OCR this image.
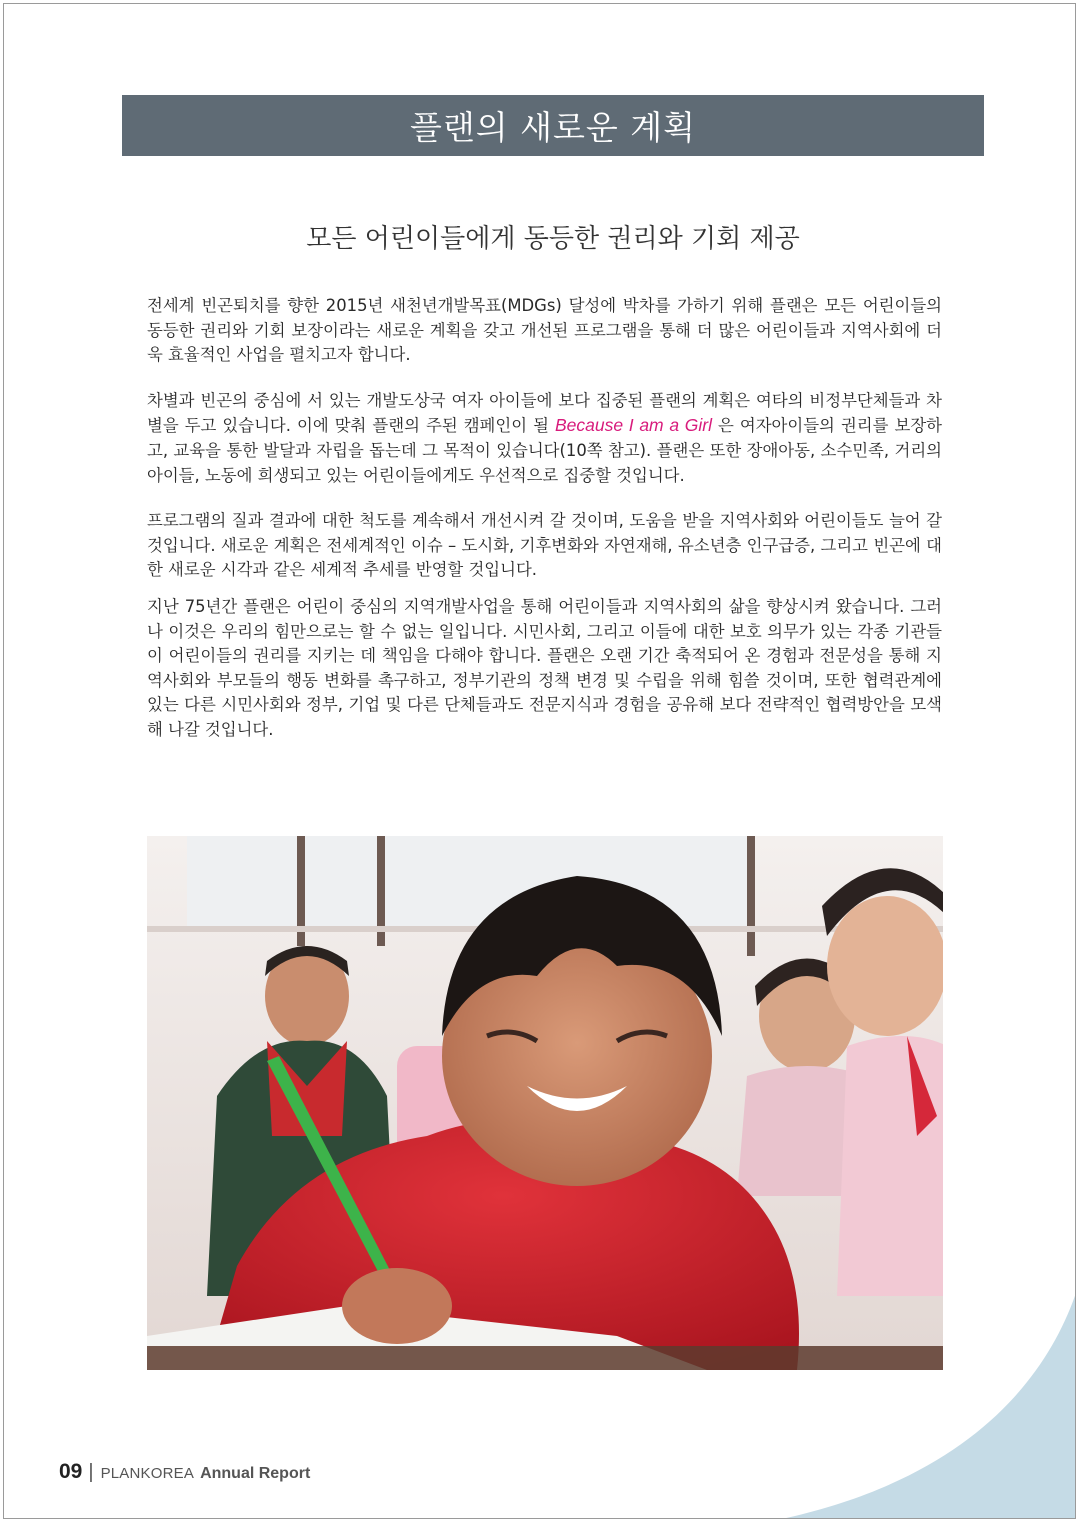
플랜의 새로운 계획
모든 어린이들에게 동등한 권리와 기회 제공

전세계 빈곤퇴치를 향한 2015년 새천년개발목표(MDGs) 달성에 박차를 가하기 위해 플랜은 모든 어린이들의 동등한 권리와 기회 보장이라는 새로운 계획을 갖고 개선된 프로그램을 통해 더 많은 어린이들과 지역사회에 더욱 효율적인 사업을 펼치고자 합니다.

차별과 빈곤의 중심에 서 있는 개발도상국 여자 아이들에 보다 집중된 플랜의 계획은 여타의 비정부단체들과 차별을 두고 있습니다. 이에 맞춰 플랜의 주된 캠페인이 될 Because I am a Girl 은 여자아이들의 권리를 보장하고, 교육을 통한 발달과 자립을 돕는데 그 목적이 있습니다(10쪽 참고). 플랜은 또한 장애아동, 소수민족, 거리의 아이들, 노동에 희생되고 있는 어린이들에게도 우선적으로 집중할 것입니다.

프로그램의 질과 결과에 대한 척도를 계속해서 개선시켜 갈 것이며, 도움을 받을 지역사회와 어린이들도 늘어 갈 것입니다. 새로운 계획은 전세계적인 이슈 – 도시화, 기후변화와 자연재해, 유소년층 인구급증, 그리고 빈곤에 대한 새로운 시각과 같은 세계적 추세를 반영할 것입니다.

지난 75년간 플랜은 어린이 중심의 지역개발사업을 통해 어린이들과 지역사회의 삶을 향상시켜 왔습니다. 그러나 이것은 우리의 힘만으로는 할 수 없는 일입니다. 시민사회, 그리고 이들에 대한 보호 의무가 있는 각종 기관들이 어린이들의 권리를 지키는 데 책임을 다해야 합니다. 플랜은 오랜 기간 축적되어 온 경험과 전문성을 통해 지역사회와 부모들의 행동 변화를 촉구하고, 정부기관의 정책 변경 및 수립을 위해 힘쓸 것이며, 또한 협력관계에 있는 다른 시민사회와 정부, 기업 및 다른 단체들과도 전문지식과 경험을 공유해 보다 전략적인 협력방안을 모색해 나갈 것입니다.

09 | PLANKOREA Annual Report
